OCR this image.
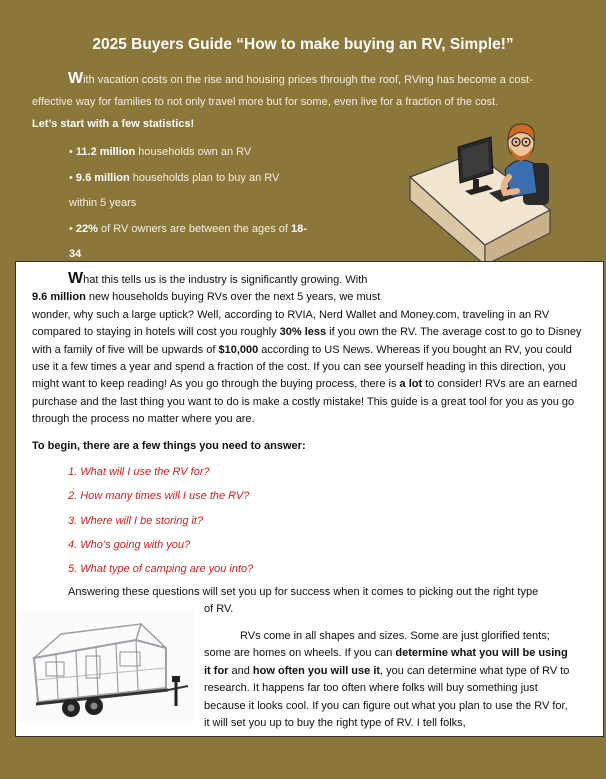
2025 Buyers Guide “How to make buying an RV, Simple!”

With vacation costs on the rise and housing prices through the roof, RVing has become a cost-effective way for families to not only travel more but for some, even live for a fraction of the cost.

Let’s start with a few statistics!
• 11.2 million households own an RV
• 9.6 million households plan to buy an RV
within 5 years
• 22% of RV owners are between the ages of 18-
34

What this tells us is the industry is significantly growing. With
9.6 million new households buying RVs over the next 5 years, we must
wonder, why such a large uptick? Well, according to RVIA, Nerd Wallet and Money.com, traveling in an RV compared to staying in hotels will cost you roughly 30% less if you own the RV. The average cost to go to Disney with a family of five will be upwards of $10,000 according to US News. Whereas if you bought an RV, you could use it a few times a year and spend a fraction of the cost. If you can see yourself heading in this direction, you might want to keep reading! As you go through the buying process, there is a lot to consider! RVs are an earned purchase and the last thing you want to do is make a costly mistake! This guide is a great tool for you as you go through the process no matter where you are.

To begin, there are a few things you need to answer:

1. What will I use the RV for?
2. How many times will I use the RV?
3. Where will I be storing it?
4. Who’s going with you?
5. What type of camping are you into?

Answering these questions will set you up for success when it comes to picking out the right type
of RV.

RVs come in all shapes and sizes. Some are just glorified tents; some are homes on wheels. If you can determine what you will be using it for and how often you will use it, you can determine what type of RV to research. It happens far too often where folks will buy something just because it looks cool. If you can figure out what you plan to use the RV for, it will set you up to buy the right type of RV. I tell folks,
